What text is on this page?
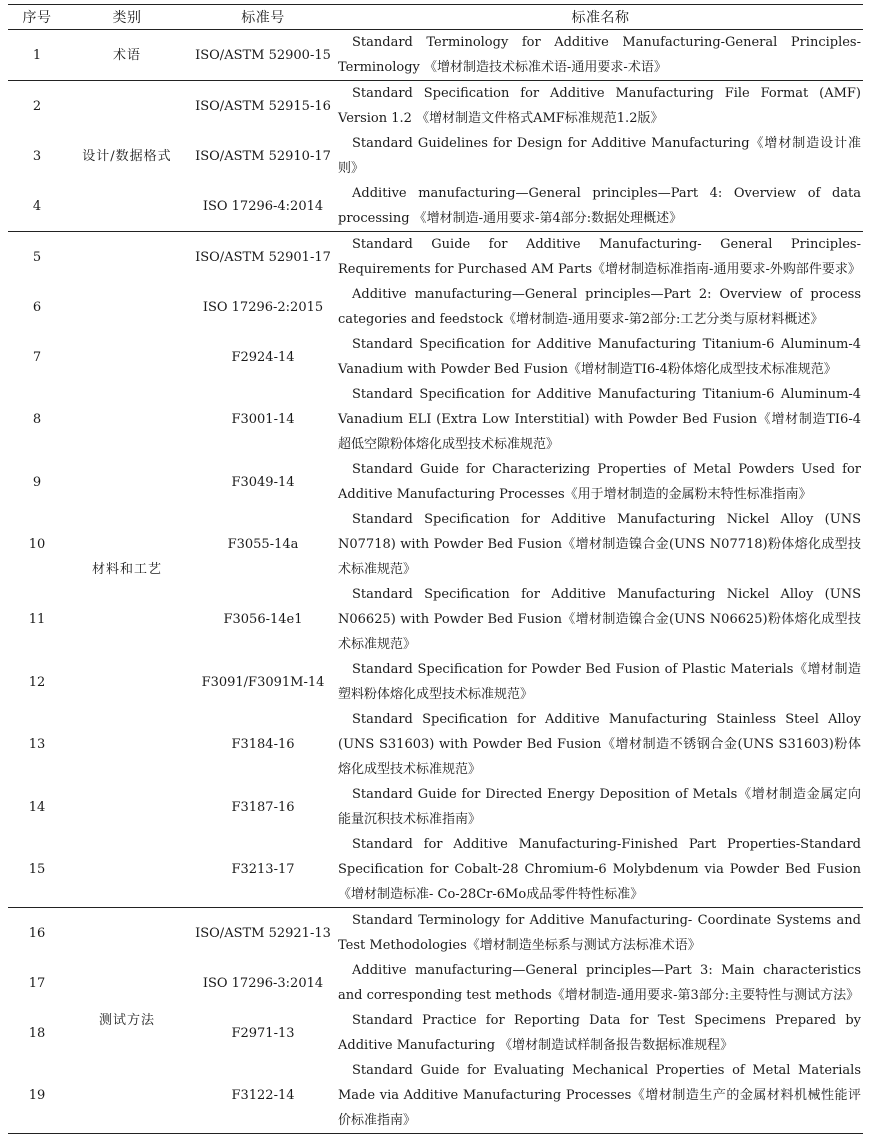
序号	类别	标准号	标准名称
1	术语	ISO/ASTM 52900-15	Standard Terminology for Additive Manufacturing-General Principles-Terminology 《增材制造技术标准术语-通用要求-术语》
2	设计/数据格式	ISO/ASTM 52915-16	Standard Specification for Additive Manufacturing File Format (AMF) Version 1.2 《增材制造文件格式AMF标准规范1.2版》
3		ISO/ASTM 52910-17	Standard Guidelines for Design for Additive Manufacturing《增材制造设计准则》
4		ISO 17296-4:2014	Additive manufacturing—General principles—Part 4: Overview of data processing 《增材制造-通用要求-第4部分:数据处理概述》
5	材料和工艺	ISO/ASTM 52901-17	Standard Guide for Additive Manufacturing- General Principles- Requirements for Purchased AM Parts《增材制造标准指南-通用要求-外购部件要求》
6		ISO 17296-2:2015	Additive manufacturing—General principles—Part 2: Overview of process categories and feedstock《增材制造-通用要求-第2部分:工艺分类与原材料概述》
7		F2924-14	Standard Specification for Additive Manufacturing Titanium-6 Aluminum-4 Vanadium with Powder Bed Fusion《增材制造TI6-4粉体熔化成型技术标准规范》
8		F3001-14	Standard Specification for Additive Manufacturing Titanium-6 Aluminum-4 Vanadium ELI (Extra Low Interstitial) with Powder Bed Fusion《增材制造TI6-4超低空隙粉体熔化成型技术标准规范》
9		F3049-14	Standard Guide for Characterizing Properties of Metal Powders Used for Additive Manufacturing Processes《用于增材制造的金属粉末特性标准指南》
10		F3055-14a	Standard Specification for Additive Manufacturing Nickel Alloy (UNS N07718) with Powder Bed Fusion《增材制造镍合金(UNS N07718)粉体熔化成型技术标准规范》
11		F3056-14e1	Standard Specification for Additive Manufacturing Nickel Alloy (UNS N06625) with Powder Bed Fusion《增材制造镍合金(UNS N06625)粉体熔化成型技术标准规范》
12		F3091/F3091M-14	Standard Specification for Powder Bed Fusion of Plastic Materials《增材制造塑料粉体熔化成型技术标准规范》
13		F3184-16	Standard Specification for Additive Manufacturing Stainless Steel Alloy (UNS S31603) with Powder Bed Fusion《增材制造不锈钢合金(UNS S31603)粉体熔化成型技术标准规范》
14		F3187-16	Standard Guide for Directed Energy Deposition of Metals《增材制造金属定向能量沉积技术标准指南》
15		F3213-17	Standard for Additive Manufacturing-Finished Part Properties-Standard Specification for Cobalt-28 Chromium-6 Molybdenum via Powder Bed Fusion《增材制造标准- Co-28Cr-6Mo成品零件特性标准》
16	测试方法	ISO/ASTM 52921-13	Standard Terminology for Additive Manufacturing- Coordinate Systems and Test Methodologies《增材制造坐标系与测试方法标准术语》
17		ISO 17296-3:2014	Additive manufacturing—General principles—Part 3: Main characteristics and corresponding test methods《增材制造-通用要求-第3部分:主要特性与测试方法》
18		F2971-13	Standard Practice for Reporting Data for Test Specimens Prepared by Additive Manufacturing 《增材制造试样制备报告数据标准规程》
19		F3122-14	Standard Guide for Evaluating Mechanical Properties of Metal Materials Made via Additive Manufacturing Processes《增材制造生产的金属材料机械性能评价标准指南》
